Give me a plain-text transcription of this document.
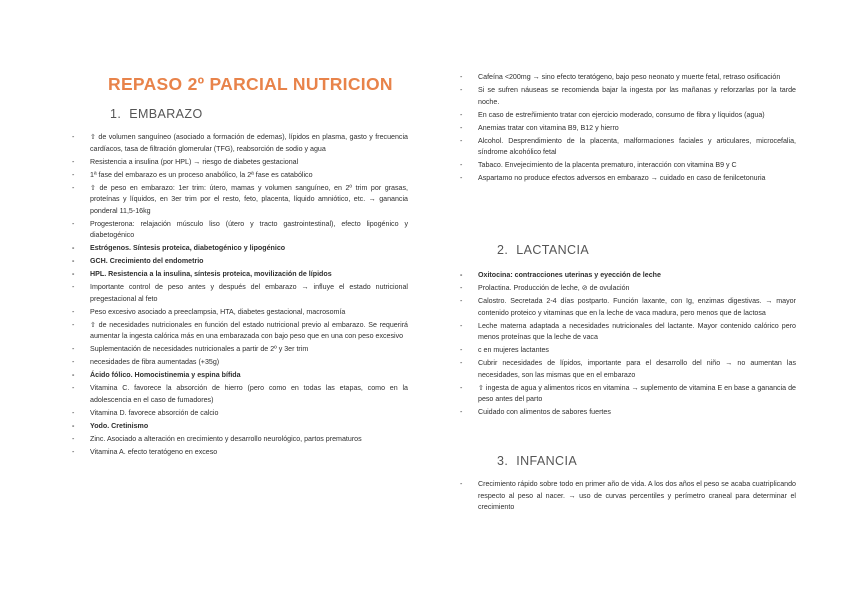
REPASO 2º PARCIAL NUTRICION
1. EMBARAZO
- ⇧ de volumen sanguíneo (asociado a formación de edemas), lípidos en plasma, gasto y frecuencia cardíacos, tasa de filtración glomerular (TFG), reabsorción de sodio y agua
- Resistencia a insulina (por HPL) → riesgo de diabetes gestacional
- 1ª fase del embarazo es un proceso anabólico, la 2ª fase es catabólico
- ⇧ de peso en embarazo: 1er trim: útero, mamas y volumen sanguíneo, en 2º trim por grasas, proteínas y líquidos, en 3er trim por el resto, feto, placenta, líquido amniótico, etc. → ganancia ponderal 11,5-16kg
- Progesterona: relajación músculo liso (útero y tracto gastrointestinal), efecto lipogénico y diabetogénico
- Estrógenos. Síntesis proteica, diabetogénico y lipogénico
- GCH. Crecimiento del endometrio
- HPL. Resistencia a la insulina, síntesis proteica, movilización de lípidos
- Importante control de peso antes y después del embarazo → influye el estado nutricional pregestacional al feto
- Peso excesivo asociado a preeclampsia, HTA, diabetes gestacional, macrosomía
- ⇧ de necesidades nutricionales en función del estado nutricional previo al embarazo. Se requerirá aumentar la ingesta calórica más en una embarazada con bajo peso que en una con peso excesivo
- Suplementación de necesidades nutricionales a partir de 2º y 3er trim
- necesidades de fibra aumentadas (+35g)
- Ácido fólico. Homocistinemia y espina bífida
- Vitamina C. favorece la absorción de hierro (pero como en todas las etapas, como en la adolescencia en el caso de fumadores)
- Vitamina D. favorece absorción de calcio
- Yodo. Cretinismo
- Zinc. Asociado a alteración en crecimiento y desarrollo neurológico, partos prematuros
- Vitamina A. efecto teratógeno en exceso
- Cafeína <200mg → sino efecto teratógeno, bajo peso neonato y muerte fetal, retraso osificación
- Si se sufren náuseas se recomienda bajar la ingesta por las mañanas y reforzarlas por la tarde noche.
- En caso de estreñimiento tratar con ejercicio moderado, consumo de fibra y líquidos (agua)
- Anemias tratar con vitamina B9, B12 y hierro
- Alcohol. Desprendimiento de la placenta, malformaciones faciales y articulares, microcefalia, síndrome alcohólico fetal
- Tabaco. Envejecimiento de la placenta prematuro, interacción con vitamina B9 y C
- Aspartamo no produce efectos adversos en embarazo → cuidado en caso de fenilcetonuria
2. LACTANCIA
- Oxitocina: contracciones uterinas y eyección de leche
- Prolactina. Producción de leche, ⊘ de ovulación
- Calostro. Secretada 2-4 días postparto. Función laxante, con Ig, enzimas digestivas. → mayor contenido proteico y vitaminas que en la leche de vaca madura, pero menos que de lactosa
- Leche materna adaptada a necesidades nutricionales del lactante. Mayor contenido calórico pero menos proteínas que la leche de vaca
- c en mujeres lactantes
- Cubrir necesidades de lípidos, importante para el desarrollo del niño → no aumentan las necesidades, son las mismas que en el embarazo
- ⇧ ingesta de agua y alimentos ricos en vitamina → suplemento de vitamina E en base a ganancia de peso antes del parto
- Cuidado con alimentos de sabores fuertes
3. INFANCIA
- Crecimiento rápido sobre todo en primer año de vida. A los dos años el peso se acaba cuatriplicando respecto al peso al nacer. → uso de curvas percentiles y perímetro craneal para determinar el crecimiento
